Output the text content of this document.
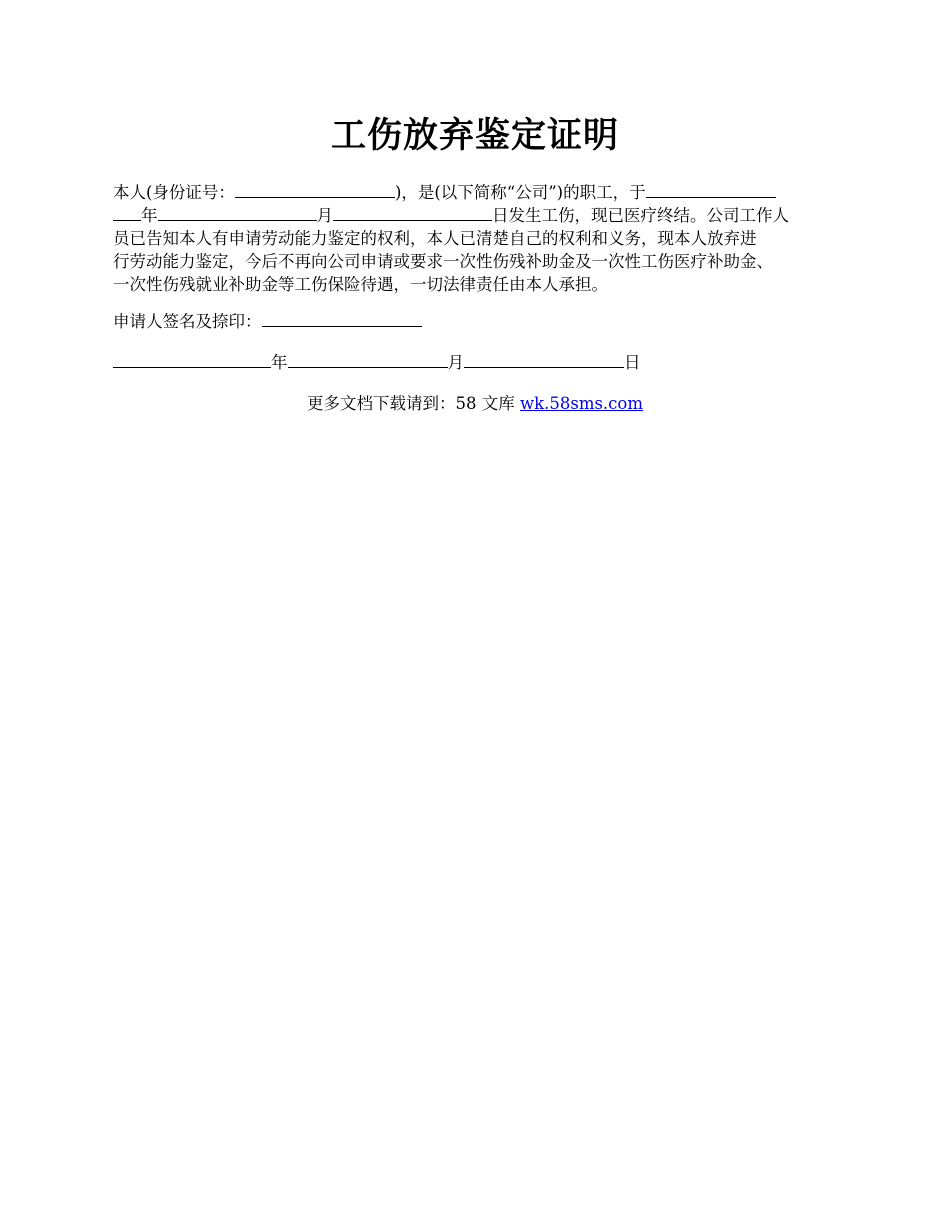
工伤放弃鉴定证明
本人(身份证号：	)，是(以下简称“公司”)的职工，于
年	月	日发生工伤，现已医疗终结。公司工作人
员已告知本人有申请劳动能力鉴定的权利，本人已清楚自己的权利和义务，现本人放弃进
行劳动能力鉴定，今后不再向公司申请或要求一次性伤残补助金及一次性工伤医疗补助金、
一次性伤残就业补助金等工伤保险待遇，一切法律责任由本人承担。
申请人签名及捺印：
年	月	日
更多文档下载请到：58 文库 wk.58sms.com
